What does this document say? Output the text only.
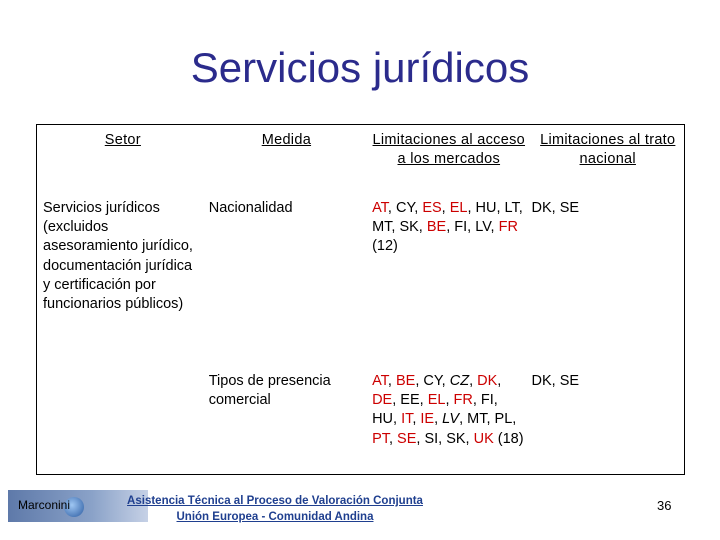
Servicios jurídicos
Setor	Medida	Limitaciones al acceso a los mercados	Limitaciones al trato nacional
Servicios jurídicos (excluidos asesoramiento jurídico, documentación jurídica y certificación por funcionarios públicos)	Nacionalidad	AT, CY, ES, EL, HU, LT, MT, SK, BE, FI, LV, FR (12)	DK, SE
	Tipos de presencia comercial	AT, BE, CY, CZ, DK, DE, EE, EL, FR, FI, HU, IT, IE, LV, MT, PL, PT, SE, SI, SK, UK (18)	DK, SE
Marconini	Asistencia Técnica al Proceso de Valoración Conjunta
Unión Europea - Comunidad Andina
36
